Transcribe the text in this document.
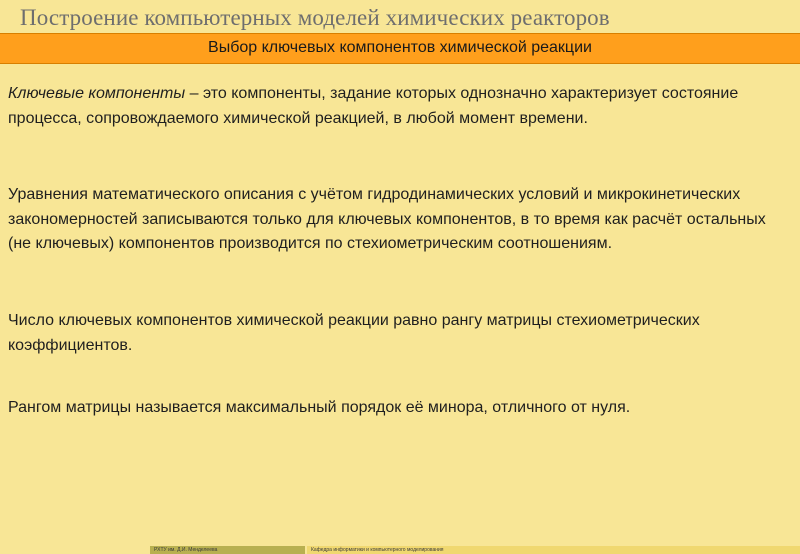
Построение компьютерных моделей химических реакторов
Выбор ключевых компонентов химической реакции

Ключевые компоненты – это компоненты, задание которых однозначно характеризует состояние процесса, сопровождаемого химической реакцией, в любой момент времени.

Уравнения математического описания с учётом гидродинамических условий и микрокинетических закономерностей записываются только для ключевых компонентов, в то время как расчёт остальных (не ключевых) компонентов производится по стехиометрическим соотношениям.

Число ключевых компонентов химической реакции равно рангу матрицы стехиометрических коэффициентов.

Рангом матрицы называется максимальный порядок её минора, отличного от нуля.

РХТУ им. Д.И. Менделеева	Кафедра информатики и компьютерного моделирования
